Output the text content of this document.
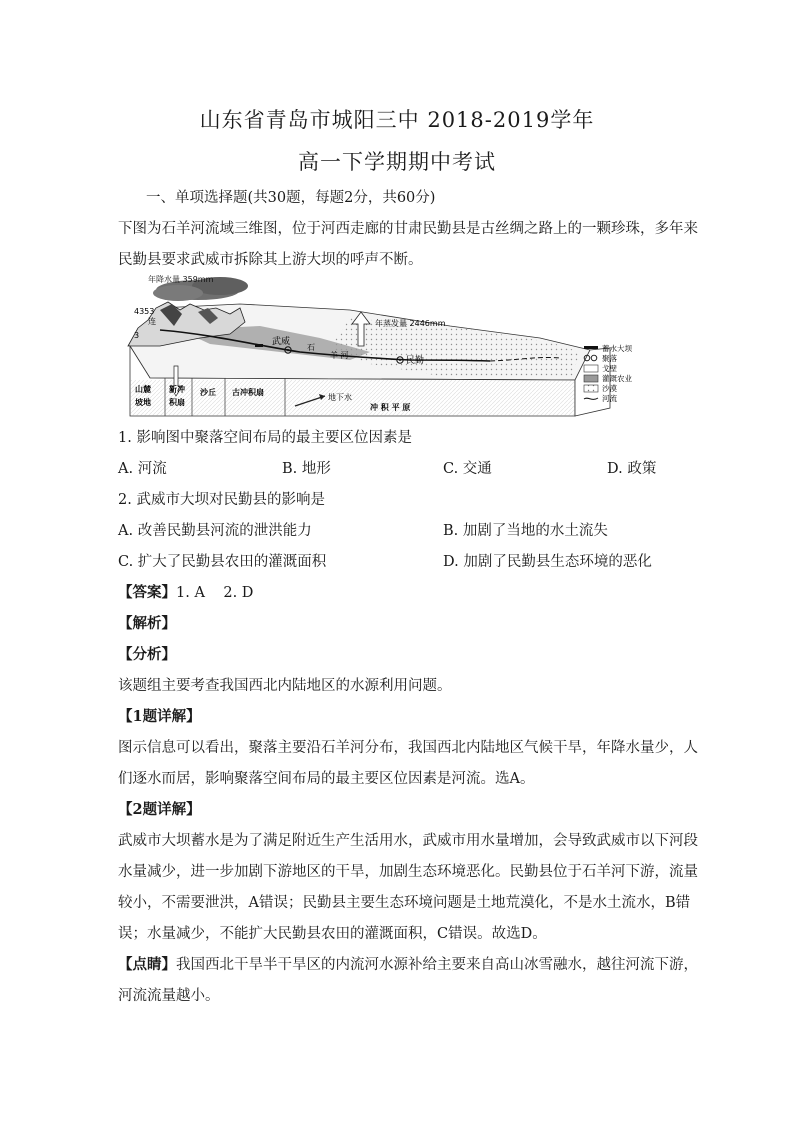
山东省青岛市城阳三中 2018-2019学年
高一下学期期中考试
一、单项选择题(共30题，每题2分，共60分)
下图为石羊河流域三维图，位于河西走廊的甘肃民勤县是古丝绸之路上的一颗珍珠，多年来
民勤县要求武威市拆除其上游大坝的呼声不断。
年降水量 359mm
武威
石
羊 河
民勤
连
4353
3
年蒸发量 2446mm
地下水
山麓
坡地
新冲
积扇
沙丘 古冲积扇
冲 积 平 原
蓄水大坝
聚落
戈壁
灌溉农业
沙漠
河流
1. 影响图中聚落空间布局的最主要区位因素是
A. 河流	B. 地形	C. 交通	D. 政策
2. 武威市大坝对民勤县的影响是
A. 改善民勤县河流的泄洪能力	B. 加剧了当地的水土流失
C. 扩大了民勤县农田的灌溉面积	D. 加剧了民勤县生态环境的恶化
【答案】1. A    2. D
【解析】
【分析】
该题组主要考查我国西北内陆地区的水源利用问题。
【1题详解】
图示信息可以看出，聚落主要沿石羊河分布，我国西北内陆地区气候干旱，年降水量少，人
们逐水而居，影响聚落空间布局的最主要区位因素是河流。选A。
【2题详解】
武威市大坝蓄水是为了满足附近生产生活用水，武威市用水量增加，会导致武威市以下河段
水量减少，进一步加剧下游地区的干旱，加剧生态环境恶化。民勤县位于石羊河下游，流量
较小，不需要泄洪，A错误；民勤县主要生态环境问题是土地荒漠化，不是水土流水，B错
误；水量减少，不能扩大民勤县农田的灌溉面积，C错误。故选D。
【点睛】我国西北干旱半干旱区的内流河水源补给主要来自高山冰雪融水，越往河流下游，
河流流量越小。
